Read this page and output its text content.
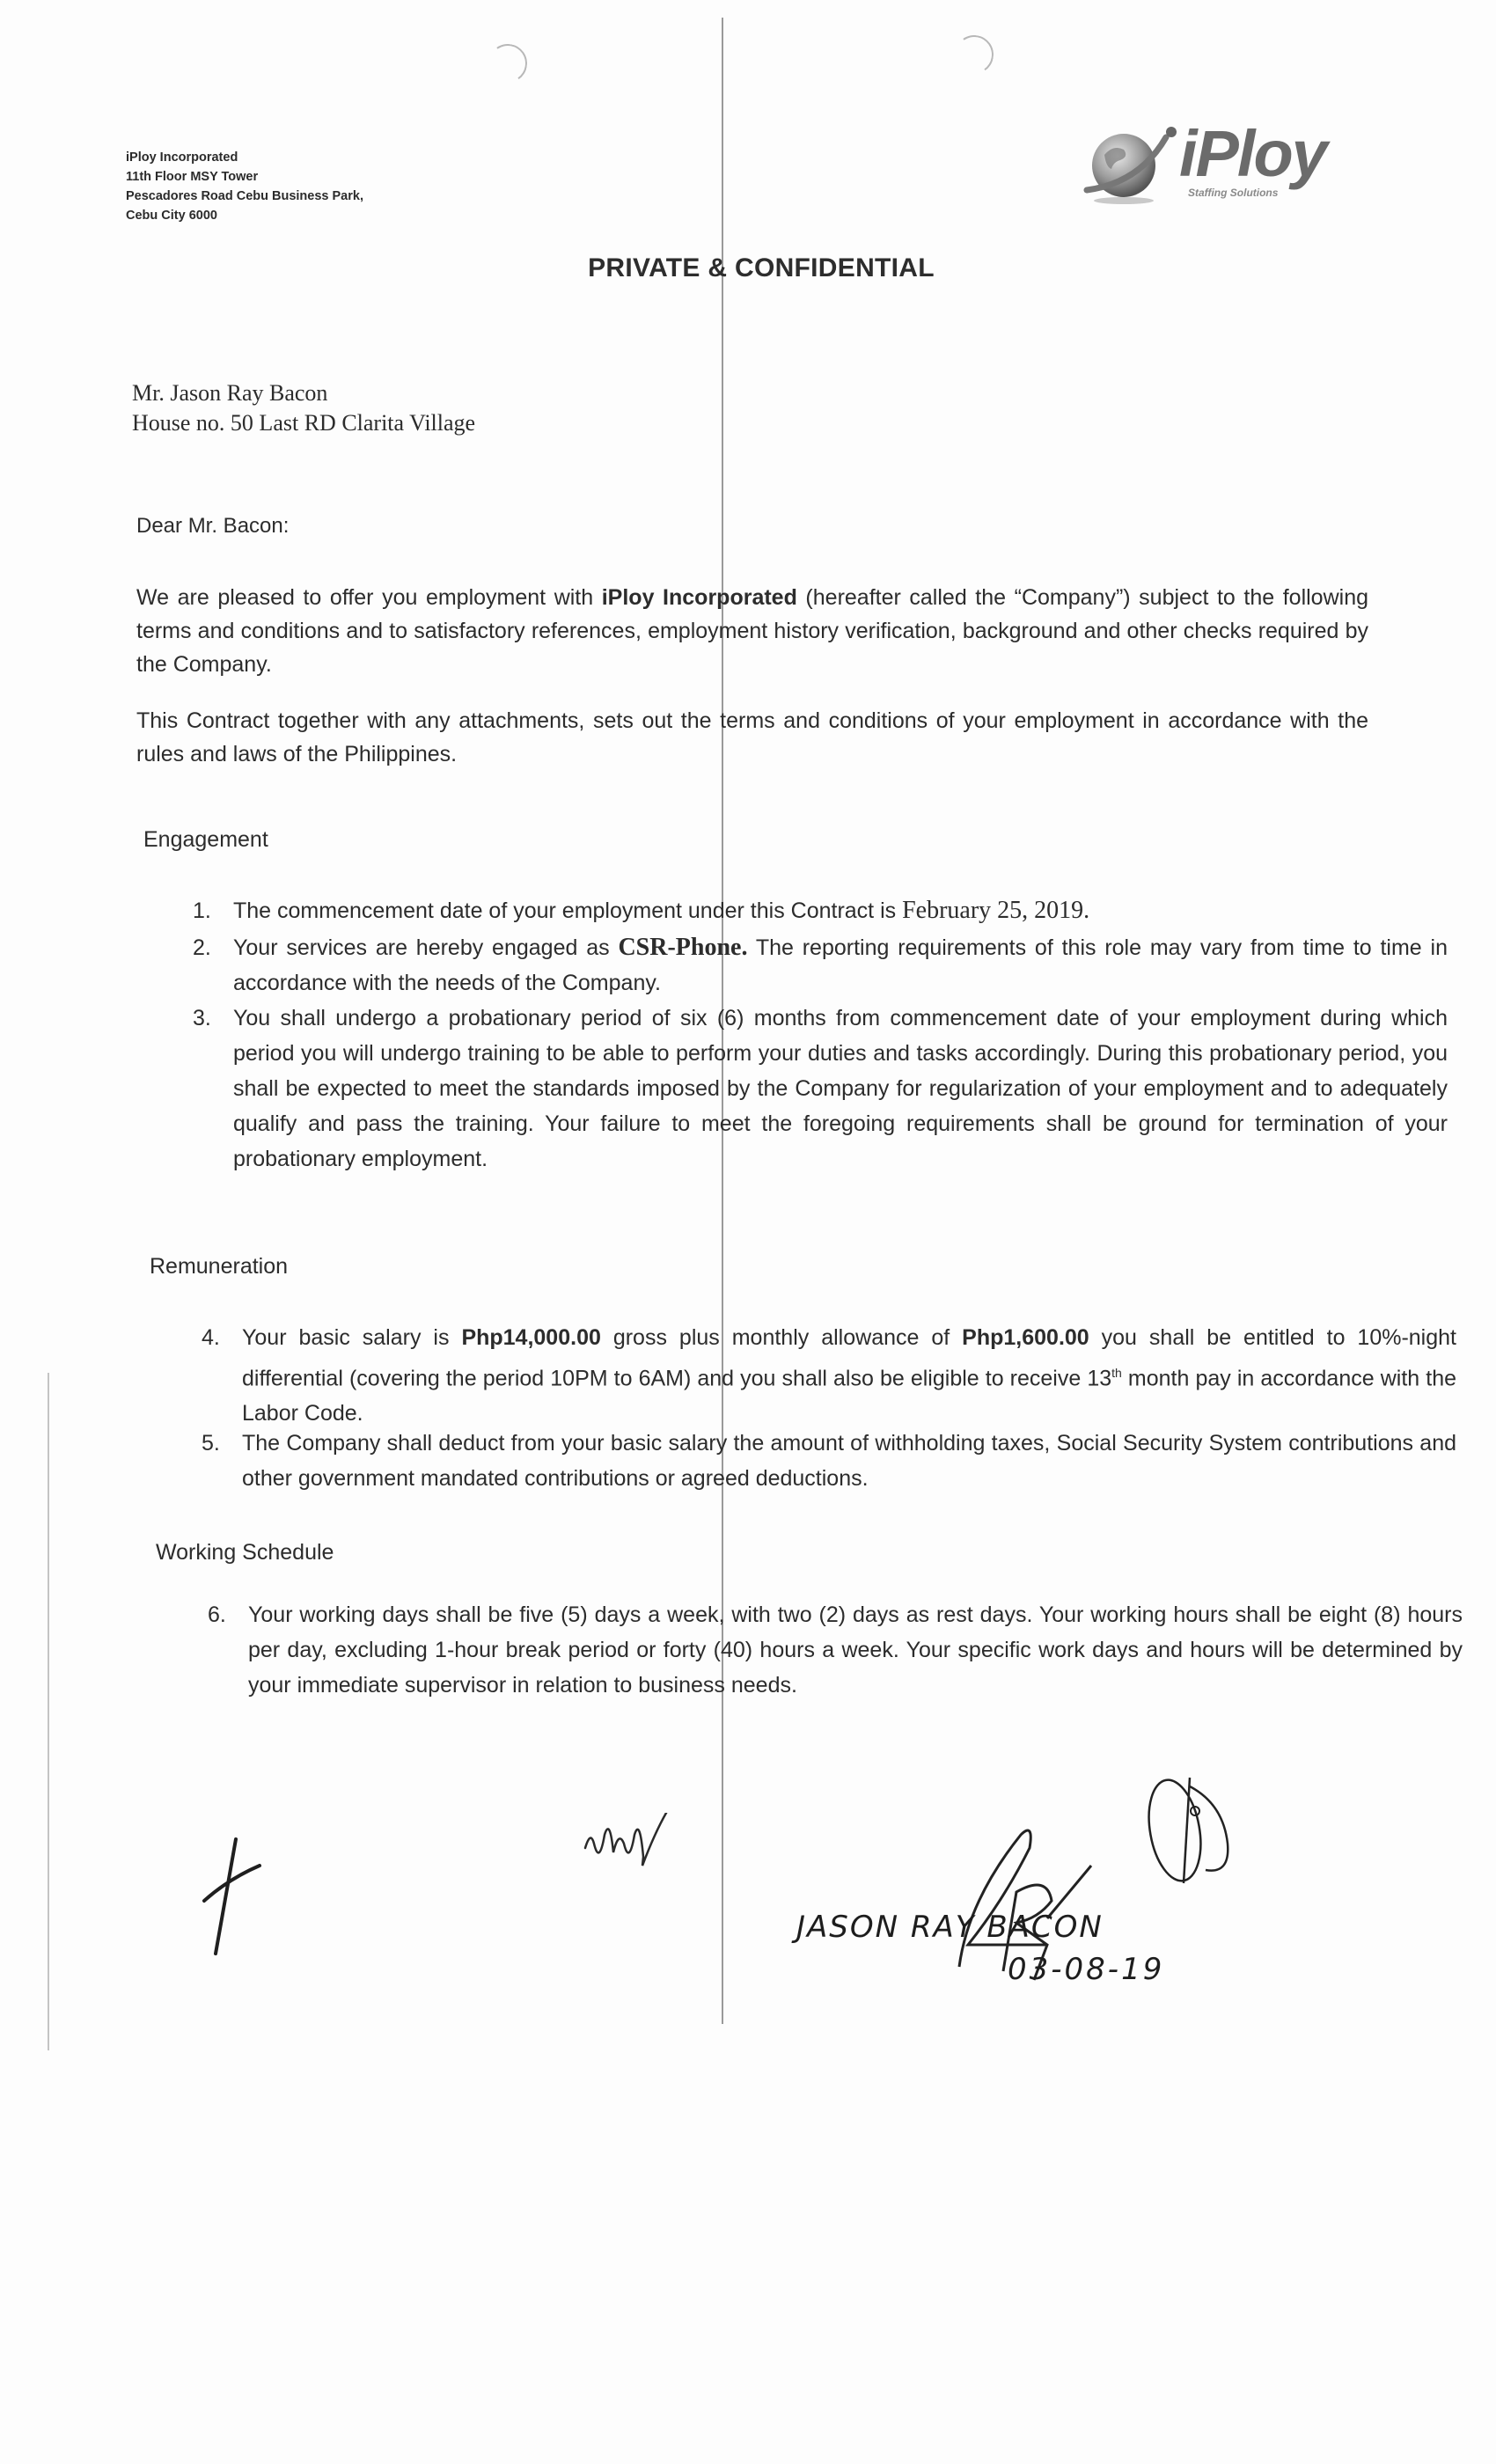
iPloy Incorporated
11th Floor MSY Tower
Pescadores Road Cebu Business Park,
Cebu City 6000
iPloy
Staffing Solutions
PRIVATE & CONFIDENTIAL
Mr. Jason Ray Bacon
House no. 50 Last RD Clarita Village
Dear Mr. Bacon:
We are pleased to offer you employment with iPloy Incorporated (hereafter called the “Company”) subject to the following terms and conditions and to satisfactory references, employment history verification, background and other checks required by the Company.
This Contract together with any attachments, sets out the terms and conditions of your employment in accordance with the rules and laws of the Philippines.
Engagement
1. The commencement date of your employment under this Contract is February 25, 2019.
2. Your services are hereby engaged as CSR-Phone. The reporting requirements of this role may vary from time to time in accordance with the needs of the Company.
3. You shall undergo a probationary period of six (6) months from commencement date of your employment during which period you will undergo training to be able to perform your duties and tasks accordingly. During this probationary period, you shall be expected to meet the standards imposed by the Company for regularization of your employment and to adequately qualify and pass the training. Your failure to meet the foregoing requirements shall be ground for termination of your probationary employment.
Remuneration
4. Your basic salary is Php14,000.00 gross plus monthly allowance of Php1,600.00 you shall be entitled to 10%-night differential (covering the period 10PM to 6AM) and you shall also be eligible to receive 13th month pay in accordance with the Labor Code.
5. The Company shall deduct from your basic salary the amount of withholding taxes, Social Security System contributions and other government mandated contributions or agreed deductions.
Working Schedule
6. Your working days shall be five (5) days a week, with two (2) days as rest days. Your working hours shall be eight (8) hours per day, excluding 1-hour break period or forty (40) hours a week. Your specific work days and hours will be determined by your immediate supervisor in relation to business needs.
JASON RAY BACON
03-08-19
